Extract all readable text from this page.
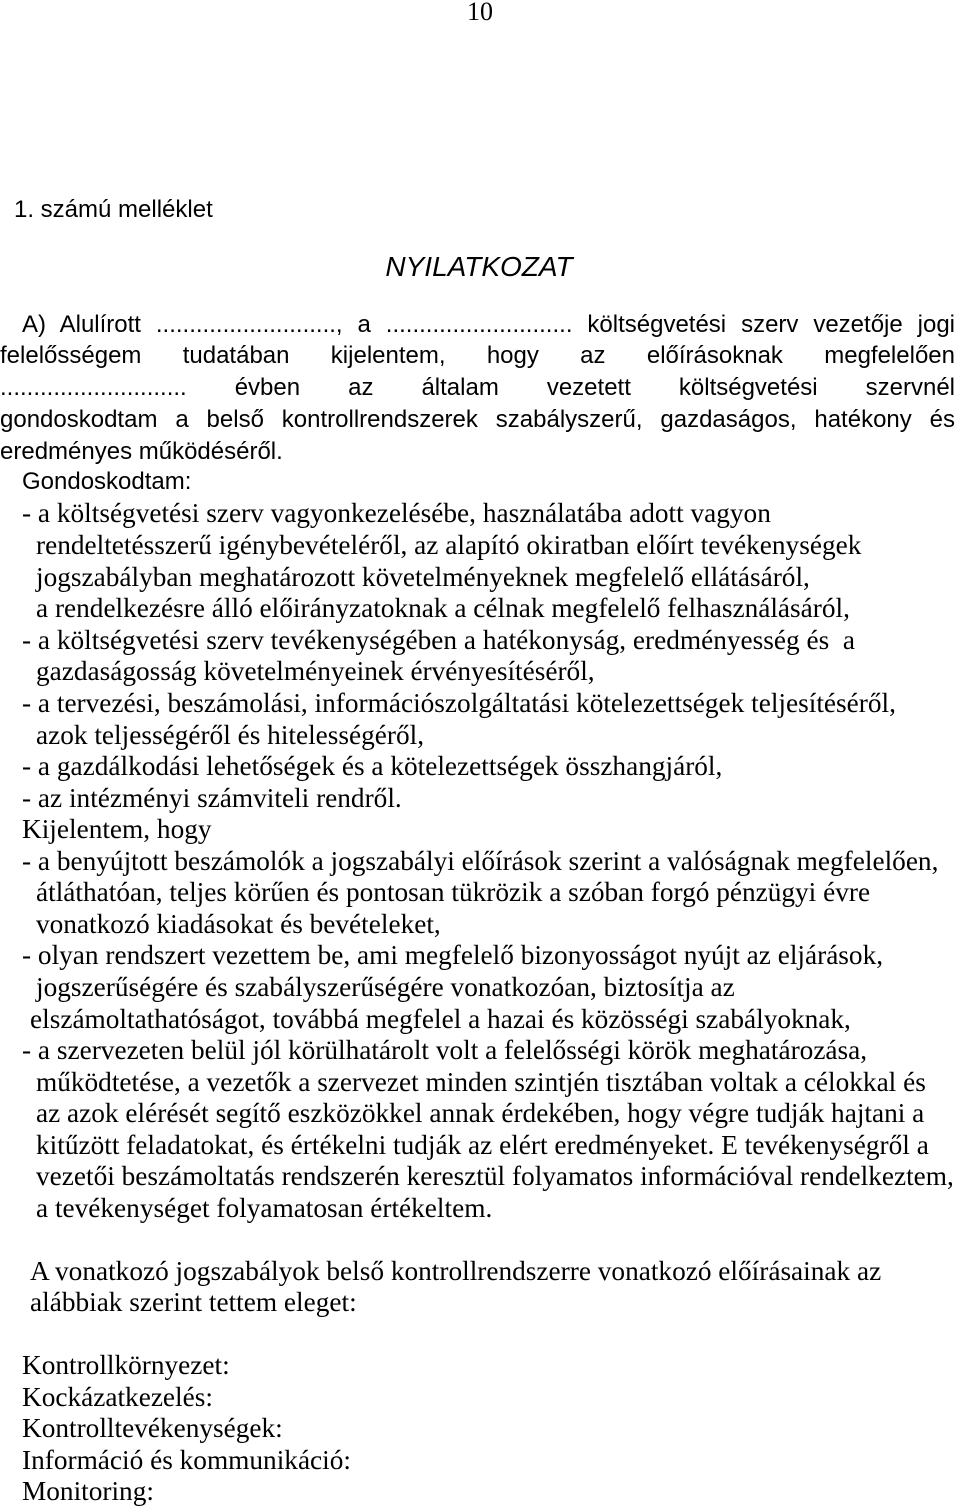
10
1. számú melléklet
NYILATKOZAT
A) Alulírott ..........................., a ............................ költségvetési szerv vezetője jogi
felelősségem tudatában kijelentem, hogy az előírásoknak megfelelően
............................ évben az általam vezetett költségvetési szervnél
gondoskodtam a belső kontrollrendszerek szabályszerű, gazdaságos, hatékony és
eredményes működéséről.
Gondoskodtam:
- a költségvetési szerv vagyonkezelésébe, használatába adott vagyon
rendeltetésszerű igénybevételéről, az alapító okiratban előírt tevékenységek
jogszabályban meghatározott követelményeknek megfelelő ellátásáról,
a rendelkezésre álló előirányzatoknak a célnak megfelelő felhasználásáról,
- a költségvetési szerv tevékenységében a hatékonyság, eredményesség és  a
gazdaságosság követelményeinek érvényesítéséről,
- a tervezési, beszámolási, információszolgáltatási kötelezettségek teljesítéséről,
azok teljességéről és hitelességéről,
- a gazdálkodási lehetőségek és a kötelezettségek összhangjáról,
- az intézményi számviteli rendről.
Kijelentem, hogy
- a benyújtott beszámolók a jogszabályi előírások szerint a valóságnak megfelelően,
átláthatóan, teljes körűen és pontosan tükrözik a szóban forgó pénzügyi évre
vonatkozó kiadásokat és bevételeket,
- olyan rendszert vezettem be, ami megfelelő bizonyosságot nyújt az eljárások,
jogszerűségére és szabályszerűségére vonatkozóan, biztosítja az
elszámoltathatóságot, továbbá megfelel a hazai és közösségi szabályoknak,
- a szervezeten belül jól körülhatárolt volt a felelősségi körök meghatározása,
működtetése, a vezetők a szervezet minden szintjén tisztában voltak a célokkal és
az azok elérését segítő eszközökkel annak érdekében, hogy végre tudják hajtani a
kitűzött feladatokat, és értékelni tudják az elért eredményeket. E tevékenységről a
vezetői beszámoltatás rendszerén keresztül folyamatos információval rendelkeztem,
a tevékenységet folyamatosan értékeltem.
A vonatkozó jogszabályok belső kontrollrendszerre vonatkozó előírásainak az
alábbiak szerint tettem eleget:
Kontrollkörnyezet:
Kockázatkezelés:
Kontrolltevékenységek:
Információ és kommunikáció:
Monitoring:
